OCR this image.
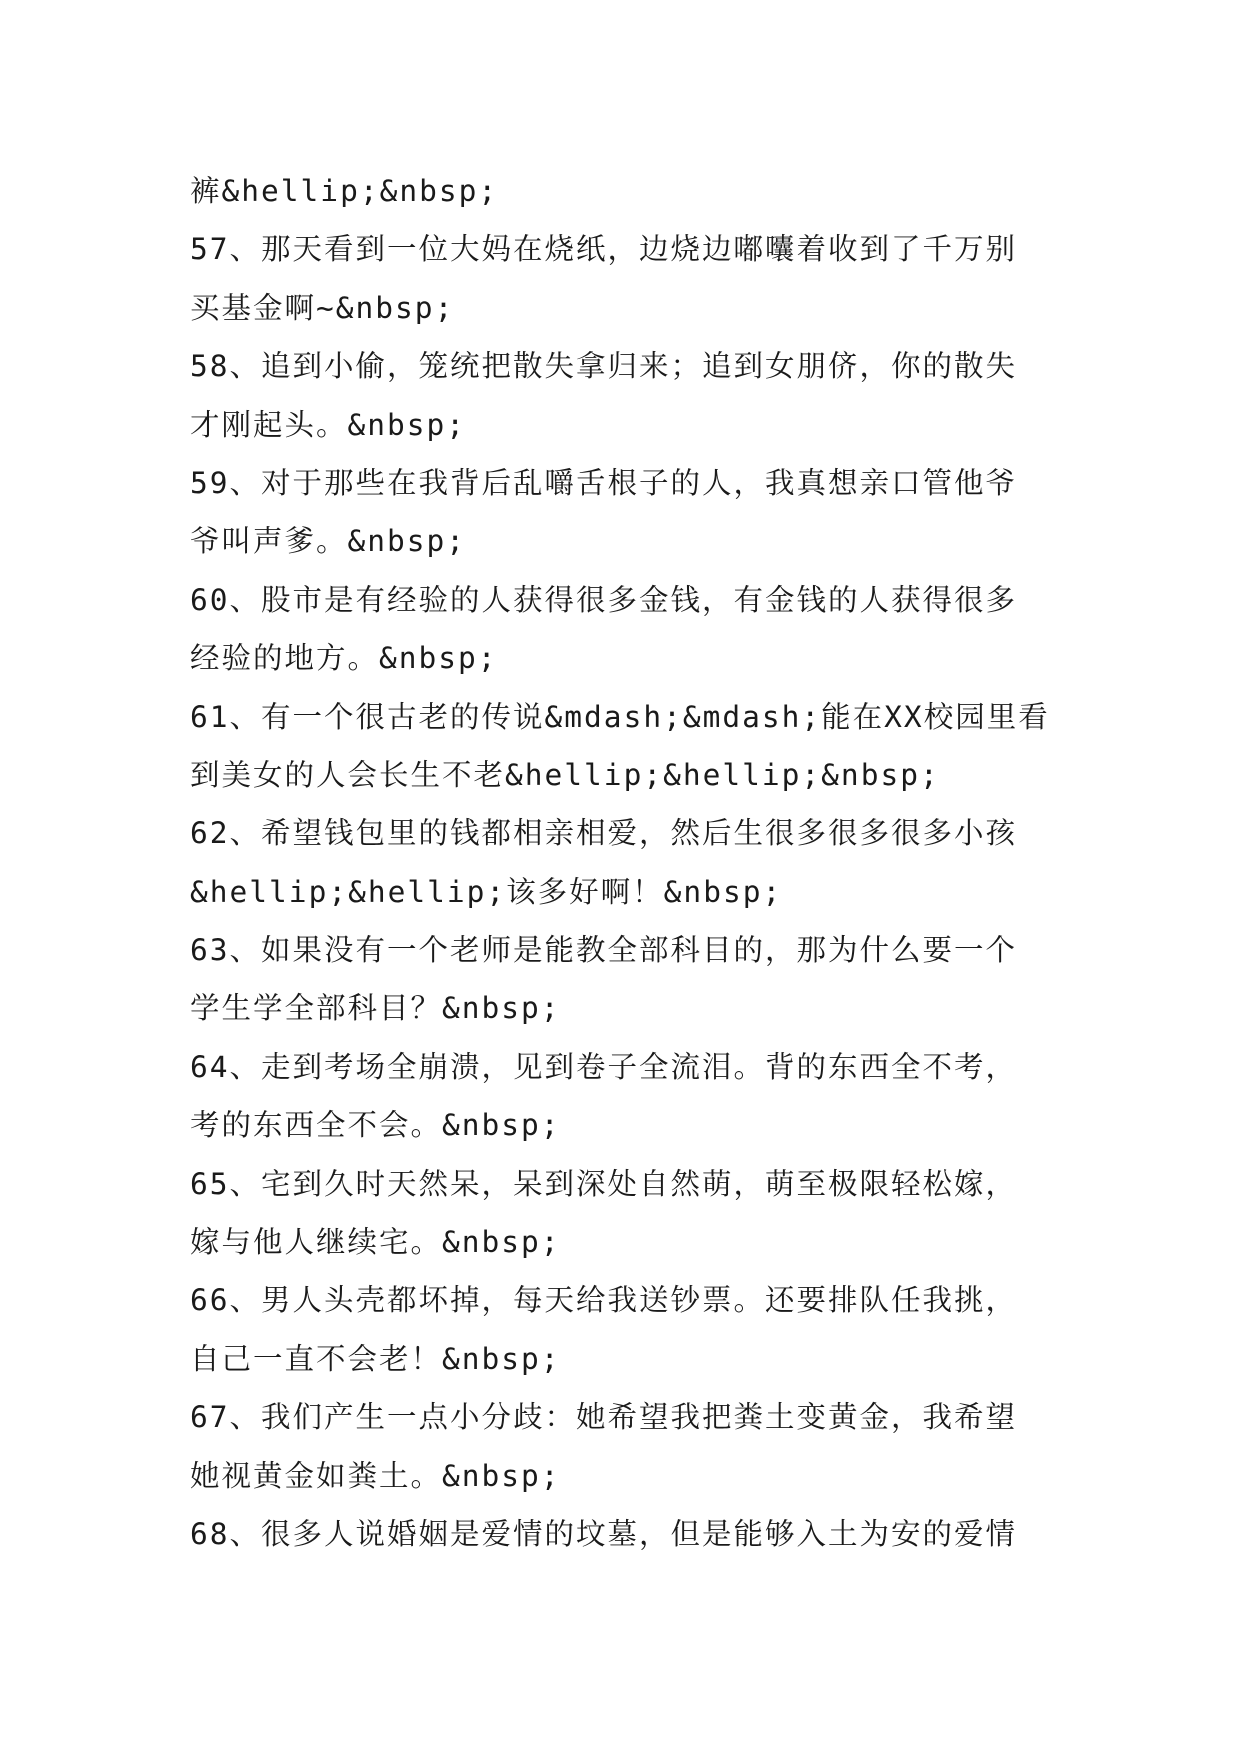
裤&hellip;&nbsp;
57、那天看到一位大妈在烧纸，边烧边嘟囔着收到了千万别
买基金啊~&nbsp;
58、追到小偷，笼统把散失拿归来；追到女朋侪，你的散失
才刚起头。&nbsp;
59、对于那些在我背后乱嚼舌根子的人，我真想亲口管他爷
爷叫声爹。&nbsp;
60、股市是有经验的人获得很多金钱，有金钱的人获得很多
经验的地方。&nbsp;
61、有一个很古老的传说&mdash;&mdash;能在XX校园里看
到美女的人会长生不老&hellip;&hellip;&nbsp;
62、希望钱包里的钱都相亲相爱，然后生很多很多很多小孩
&hellip;&hellip;该多好啊！&nbsp;
63、如果没有一个老师是能教全部科目的，那为什么要一个
学生学全部科目？&nbsp;
64、走到考场全崩溃，见到卷子全流泪。背的东西全不考，
考的东西全不会。&nbsp;
65、宅到久时天然呆，呆到深处自然萌，萌至极限轻松嫁，
嫁与他人继续宅。&nbsp;
66、男人头壳都坏掉，每天给我送钞票。还要排队任我挑，
自己一直不会老！&nbsp;
67、我们产生一点小分歧：她希望我把粪土变黄金，我希望
她视黄金如粪土。&nbsp;
68、很多人说婚姻是爱情的坟墓，但是能够入土为安的爱情
